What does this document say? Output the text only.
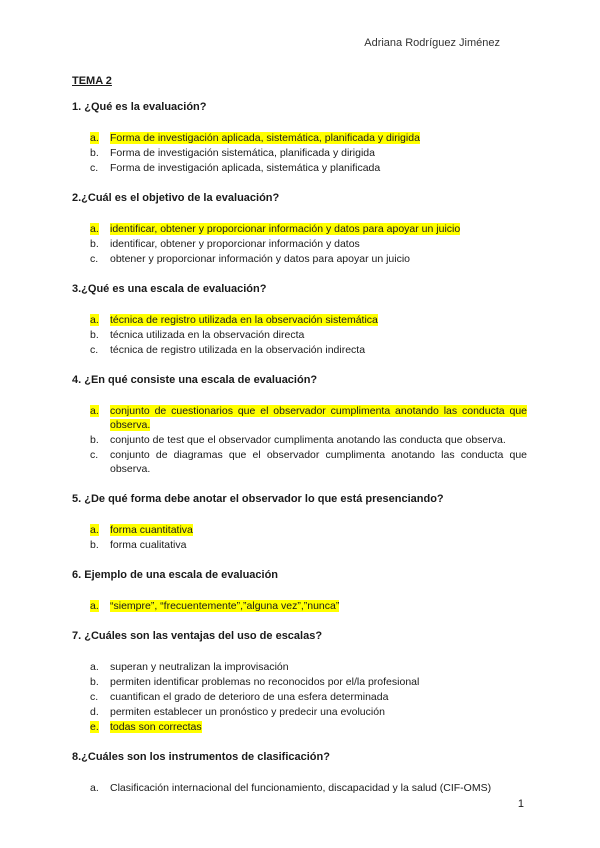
Adriana Rodríguez Jiménez
TEMA 2
1. ¿Qué es la evaluación?
a.	Forma de investigación aplicada, sistemática, planificada y dirigida
b.	Forma de investigación sistemática, planificada y dirigida
c.	Forma de investigación aplicada, sistemática y planificada
2.¿Cuál es el objetivo de la evaluación?
a.	identificar, obtener y proporcionar información y datos para apoyar un juicio
b.	identificar, obtener y proporcionar información y datos
c.	obtener y proporcionar información y datos para apoyar un juicio
3.¿Qué es una escala de evaluación?
a.	técnica de registro utilizada en la observación sistemática
b.	técnica utilizada en la observación directa
c.	técnica de registro utilizada en la observación indirecta
4. ¿En qué consiste una escala de evaluación?
a.	conjunto de cuestionarios que el observador cumplimenta anotando las conducta que observa.
b.	conjunto de test que el observador cumplimenta anotando las conducta que observa.
c.	conjunto de diagramas que el observador cumplimenta anotando las conducta que observa.
5. ¿De qué forma debe anotar el observador lo que está presenciando?
a.	forma cuantitativa
b.	forma cualitativa
6. Ejemplo de una escala de evaluación
a.	“siempre”, “frecuentemente”,”alguna vez”,”nunca”
7. ¿Cuáles son las ventajas del uso de escalas?
a.	superan y neutralizan la improvisación
b.	permiten identificar problemas no reconocidos por el/la profesional
c.	cuantifican el grado de deterioro de una esfera determinada
d.	permiten establecer un pronóstico y predecir una evolución
e.	todas son correctas
8.¿Cuáles son los instrumentos de clasificación?
a.	Clasificación internacional del funcionamiento, discapacidad y la salud (CIF-OMS)
1
